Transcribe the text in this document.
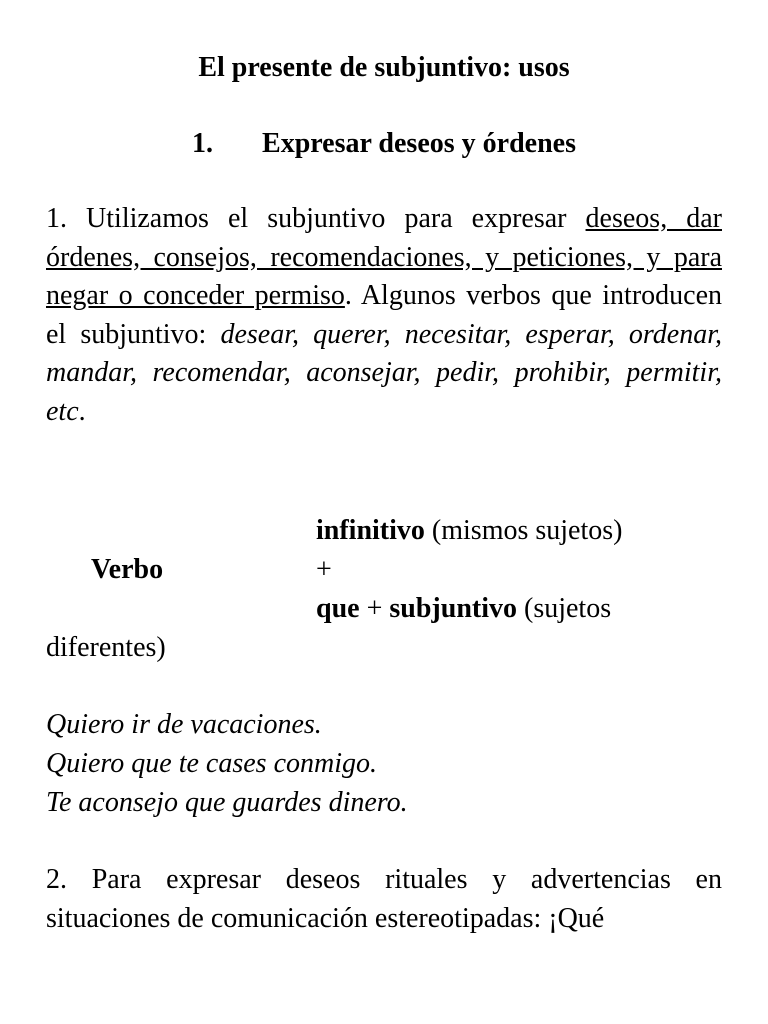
El presente de subjuntivo: usos
1. Expresar deseos y órdenes

1. Utilizamos el subjuntivo para expresar deseos, dar órdenes, consejos, recomendaciones, y peticiones, y para negar o conceder permiso. Algunos verbos que introducen el subjuntivo: desear, querer, necesitar, esperar, ordenar, mandar, recomendar, aconsejar, pedir, prohibir, permitir, etc.

Verbo
infinitivo (mismos sujetos)
+
que + subjuntivo (sujetos
diferentes)
Quiero ir de vacaciones.
Quiero que te cases conmigo.
Te aconsejo que guardes dinero.

2. Para expresar deseos rituales y advertencias en situaciones de comunicación estereotipadas: ¡Qué
